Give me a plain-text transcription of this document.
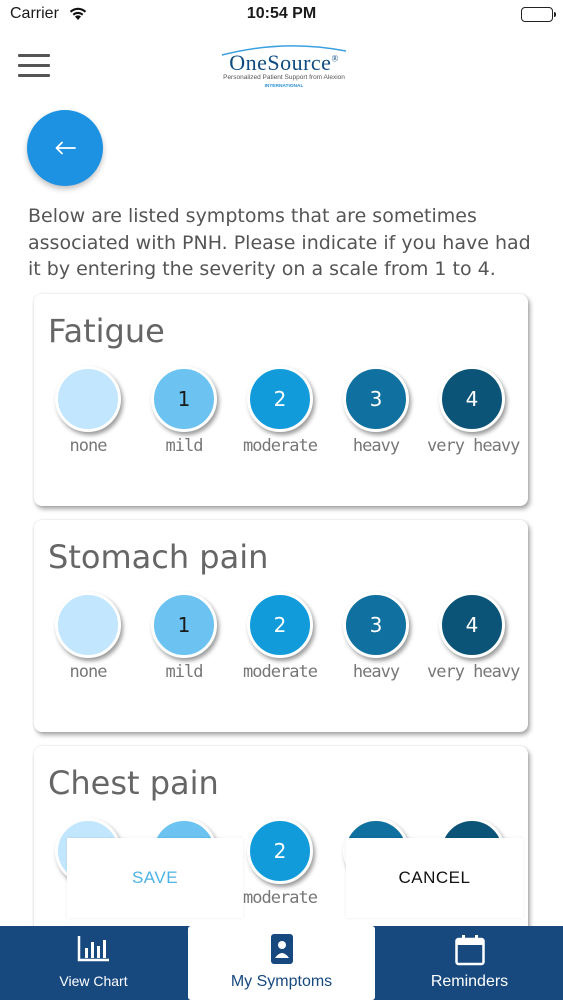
Carrier	10:54 PM
OneSource®
Personalized Patient Support from Alexion
INTERNATIONAL

Below are listed symptoms that are sometimes associated with PNH. Please indicate if you have had it by entering the severity on a scale from 1 to 4.

Fatigue
none
1
mild
2
moderate
3
heavy
4
very heavy
Stomach pain
none
1
mild
2
moderate
3
heavy
4
very heavy
Chest pain
2
moderate
SAVE	CANCEL
View Chart	My Symptoms	Reminders
